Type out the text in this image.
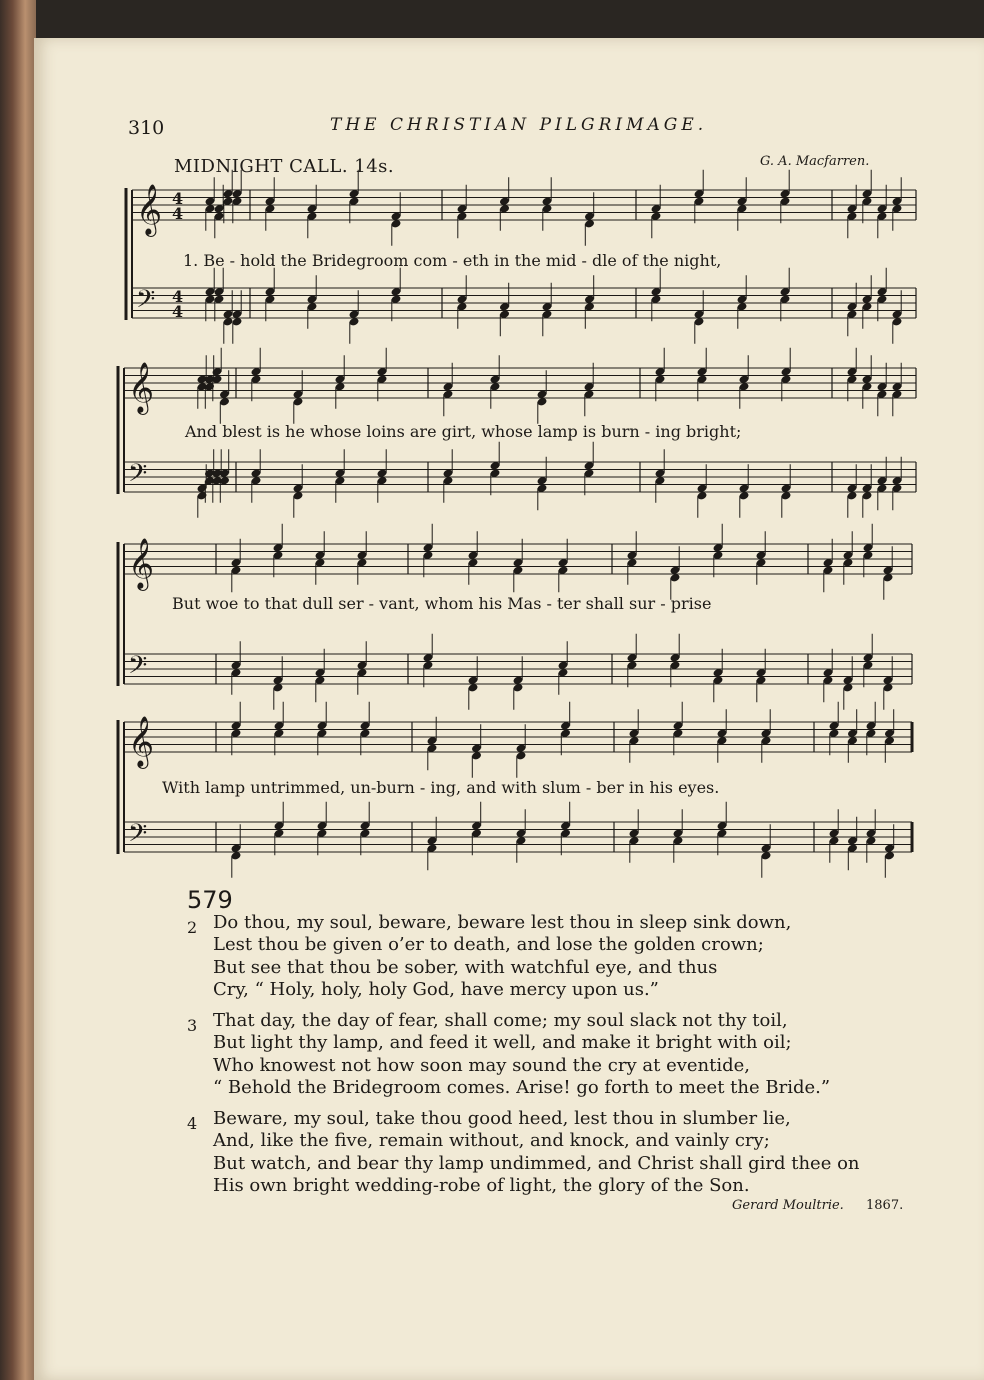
310	THE CHRISTIAN PILGRIMAGE.
MIDNIGHT CALL. 14s.	G. A. Macfarren.
𝄞
𝄢
𝄞
𝄢
𝄞
𝄢
𝄞
𝄢
4
4
4
4
1. Be - hold the Bridegroom com - eth in the mid - dle of the night,
And blest is he whose loins are girt, whose lamp is burn - ing bright;
But woe to that dull ser - vant, whom his Mas - ter shall sur - prise
With lamp untrimmed, un-burn - ing, and with slum - ber in his eyes.
579
2 Do thou, my soul, beware, beware lest thou in sleep sink down,
Lest thou be given o’er to death, and lose the golden crown;
But see that thou be sober, with watchful eye, and thus
Cry, “ Holy, holy, holy God, have mercy upon us.”
3 That day, the day of fear, shall come; my soul slack not thy toil,
But light thy lamp, and feed it well, and make it bright with oil;
Who knowest not how soon may sound the cry at eventide,
“ Behold the Bridegroom comes. Arise! go forth to meet the Bride.”
4 Beware, my soul, take thou good heed, lest thou in slumber lie,
And, like the five, remain without, and knock, and vainly cry;
But watch, and bear thy lamp undimmed, and Christ shall gird thee on
His own bright wedding-robe of light, the glory of the Son.
Gerard Moultrie. 1867.
